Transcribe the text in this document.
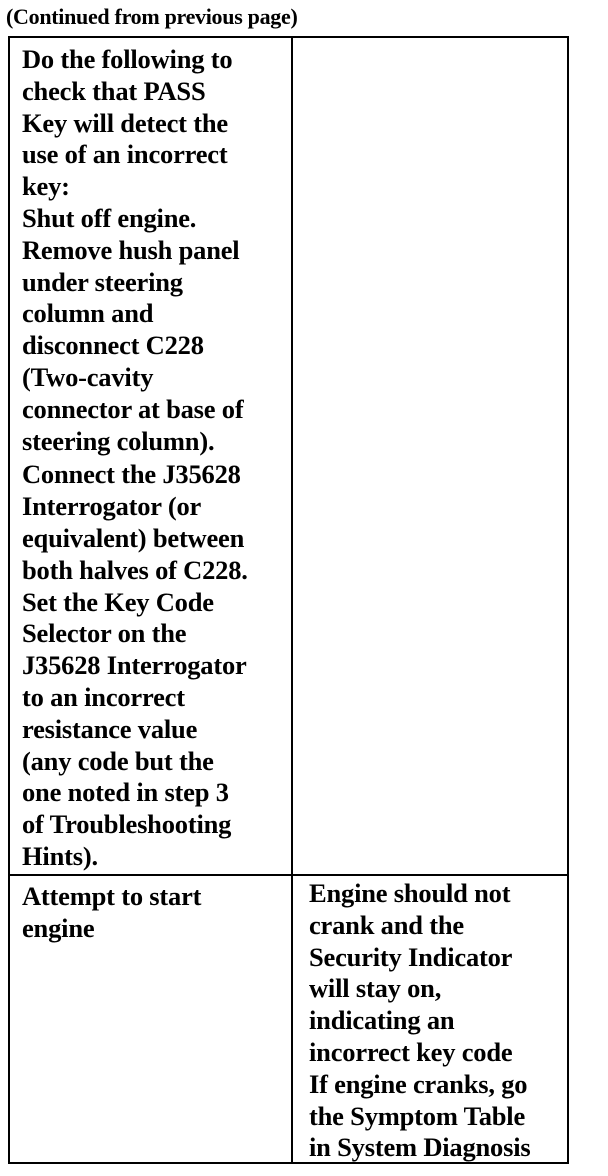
(Continued from previous page)
Do the following to
check that PASS
Key will detect the
use of an incorrect
key:
Shut off engine.
Remove hush panel
under steering
column and
disconnect C228
(Two-cavity
connector at base of
steering column).
Connect the J35628
Interrogator (or
equivalent) between
both halves of C228.
Set the Key Code
Selector on the
J35628 Interrogator
to an incorrect
resistance value
(any code but the
one noted in step 3
of Troubleshooting
Hints).
Attempt to start
engine
Engine should not
crank and the
Security Indicator
will stay on,
indicating an
incorrect key code
If engine cranks, go
the Symptom Table
in System Diagnosis
